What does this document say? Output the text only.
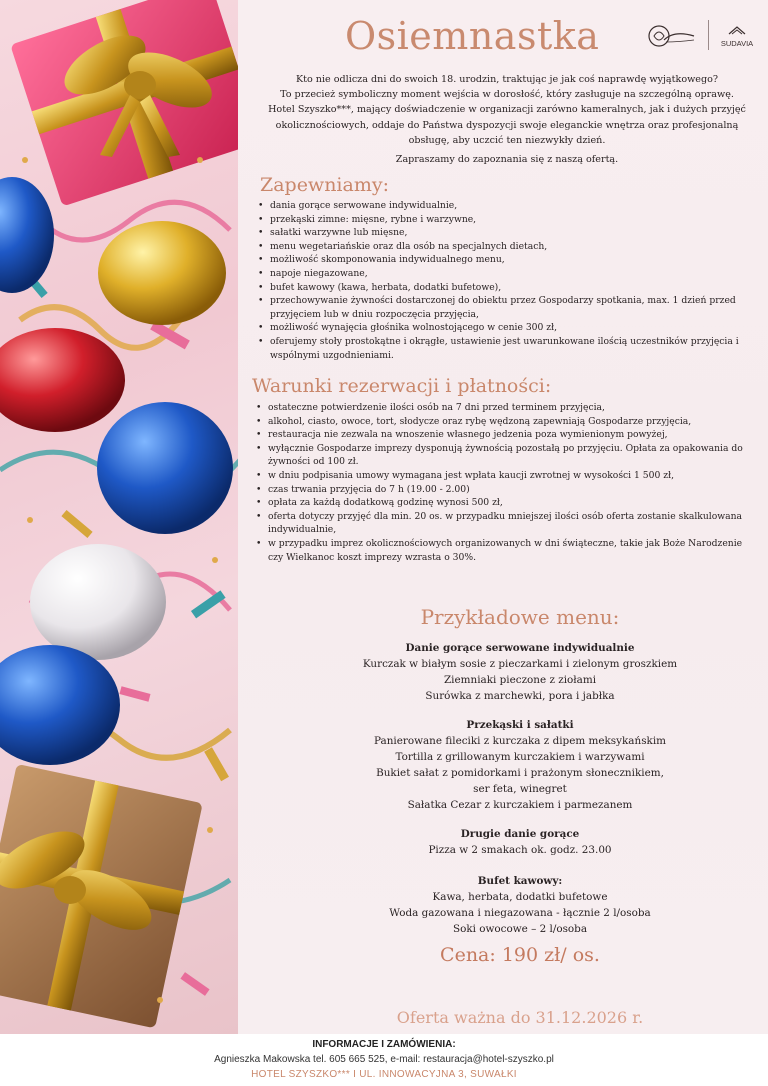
Osiemnastka	SUDAVIA

Kto nie odlicza dni do swoich 18. urodzin, traktując je jak coś naprawdę wyjątkowego?

To przecież symboliczny moment wejścia w dorosłość, który zasługuje na szczególną oprawę.

Hotel Szyszko***, mający doświadczenie w organizacji zarówno kameralnych, jak i dużych przyjęć

okolicznościowych, oddaje do Państwa dyspozycji swoje eleganckie wnętrza oraz profesjonalną

obsługę, aby uczcić ten niezwykły dzień.

Zapraszamy do zapoznania się z naszą ofertą.

Zapewniamy:
• dania gorące serwowane indywidualnie,
• przekąski zimne: mięsne, rybne i warzywne,
• sałatki warzywne lub mięsne,
• menu wegetariańskie oraz dla osób na specjalnych dietach,
• możliwość skomponowania indywidualnego menu,
• napoje niegazowane,
• bufet kawowy (kawa, herbata, dodatki bufetowe),
• przechowywanie żywności dostarczonej do obiektu przez Gospodarzy spotkania, max. 1 dzień przed przyjęciem lub w dniu rozpoczęcia przyjęcia,
• możliwość wynajęcia głośnika wolnostojącego w cenie 300 zł,
• oferujemy stoły prostokątne i okrągłe, ustawienie jest uwarunkowane ilością uczestników przyjęcia i wspólnymi uzgodnieniami.
Warunki rezerwacji i płatności:
• ostateczne potwierdzenie ilości osób na 7 dni przed terminem przyjęcia,
• alkohol, ciasto, owoce, tort, słodycze oraz rybę wędzoną zapewniają Gospodarze przyjęcia,
• restauracja nie zezwala na wnoszenie własnego jedzenia poza wymienionym powyżej,
• wyłącznie Gospodarze imprezy dysponują żywnością pozostałą po przyjęciu. Opłata za opakowania do żywności od 100 zł.
• w dniu podpisania umowy wymagana jest wpłata kaucji zwrotnej w wysokości 1 500 zł,
• czas trwania przyjęcia do 7 h (19.00 - 2.00)
• opłata za każdą dodatkową godzinę wynosi 500 zł,
• oferta dotyczy przyjęć dla min. 20 os. w przypadku mniejszej ilości osób oferta zostanie skalkulowana indywidualnie,
• w przypadku imprez okolicznościowych organizowanych w dni świąteczne, takie jak Boże Narodzenie czy Wielkanoc koszt imprezy wzrasta o 30%.
Przykładowe menu:
Danie gorące serwowane indywidualnie
Kurczak w białym sosie z pieczarkami i zielonym groszkiem
Ziemniaki pieczone z ziołami
Surówka z marchewki, pora i jabłka
Przekąski i sałatki
Panierowane fileciki z kurczaka z dipem meksykańskim
Tortilla z grillowanym kurczakiem i warzywami
Bukiet sałat z pomidorkami i prażonym słonecznikiem,
ser feta, winegret
Sałatka Cezar z kurczakiem i parmezanem
Drugie danie gorące
Pizza w 2 smakach ok. godz. 23.00
Bufet kawowy:
Kawa, herbata, dodatki bufetowe
Woda gazowana i niegazowana - łącznie 2 l/osoba
Soki owocowe – 2 l/osoba
Cena: 190 zł/ os.
Oferta ważna do 31.12.2026 r.
INFORMACJE I ZAMÓWIENIA:
Agnieszka Makowska tel. 605 665 525, e-mail: restauracja@hotel-szyszko.pl
HOTEL SZYSZKO*** I UL. INNOWACYJNA 3, SUWAŁKI
